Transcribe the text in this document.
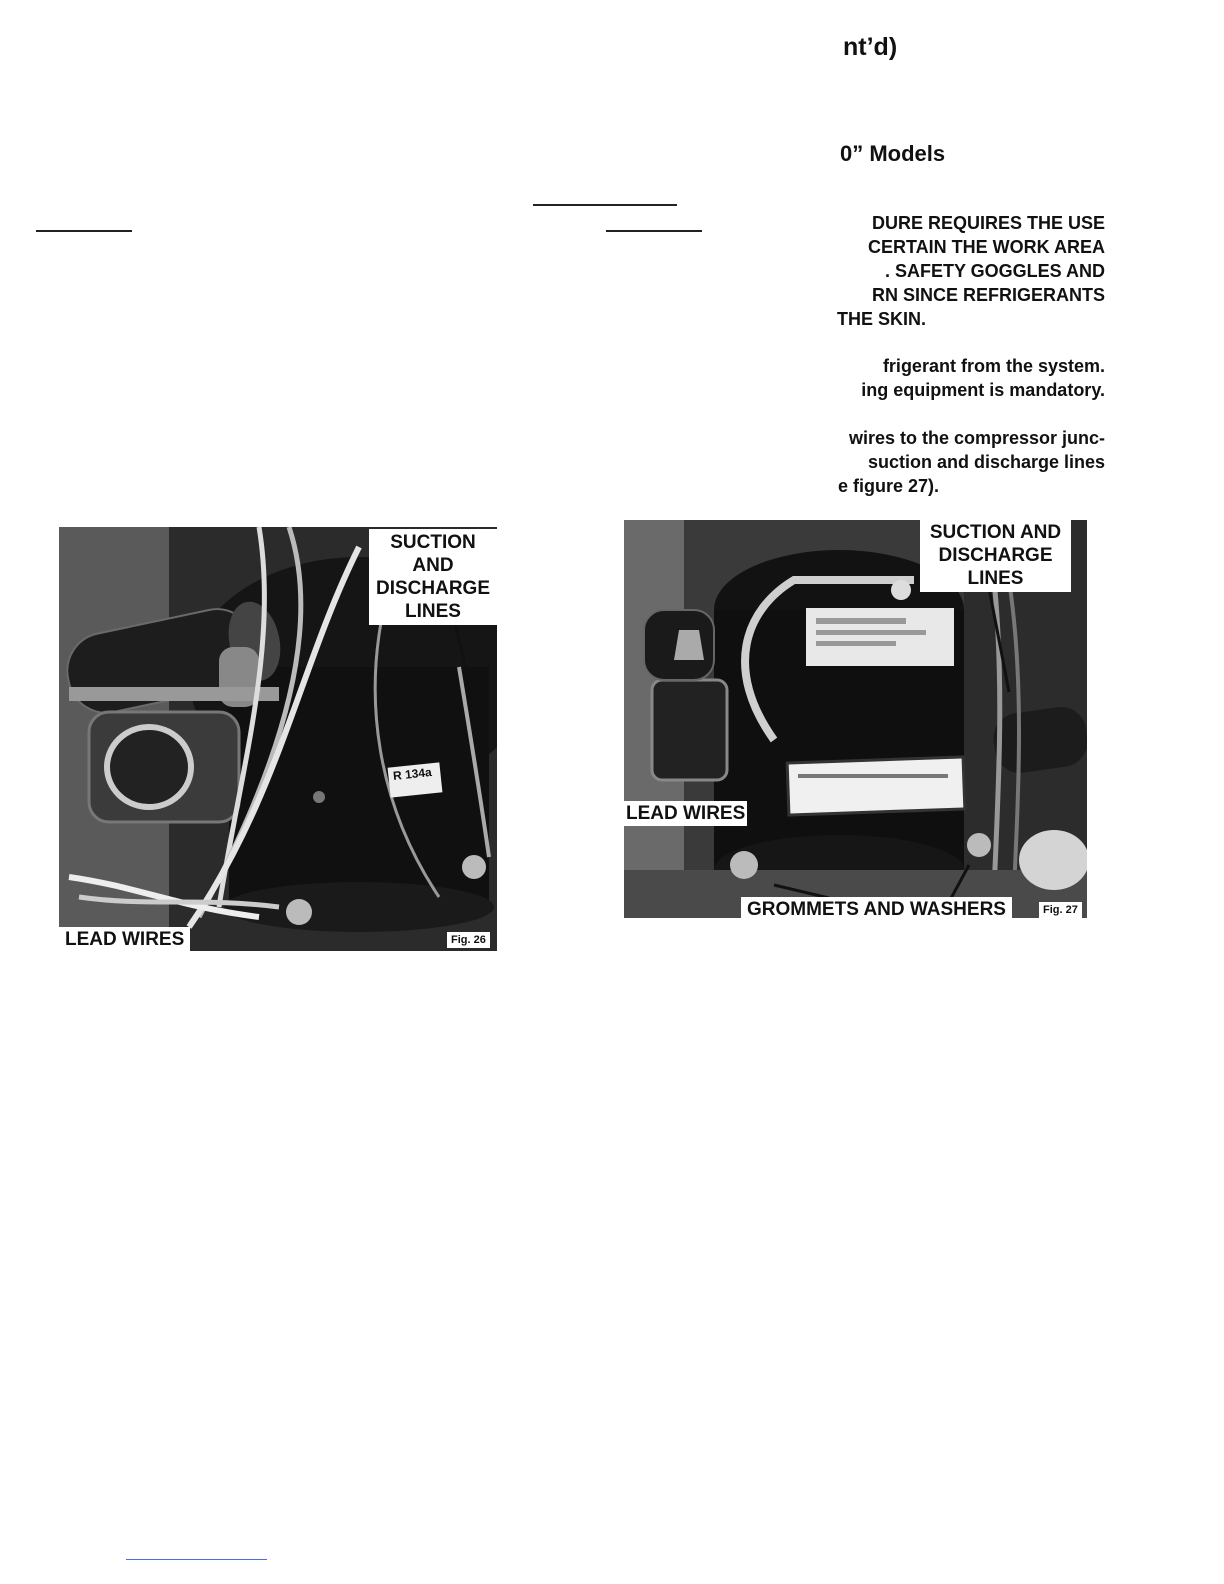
nt’d)
0” Models
DURE REQUIRES THE USE
CERTAIN THE WORK AREA
. SAFETY GOGGLES AND
RN SINCE REFRIGERANTS
THE SKIN.
frigerant from the system.
ing equipment is mandatory.
wires to the compressor junc-
suction and discharge lines
e figure 27).
R 134a
SUCTION AND DISCHARGE LINES
LEAD WIRES	Fig. 26
SUCTION AND DISCHARGE LINES
LEAD WIRES
GROMMETS AND WASHERS	Fig. 27
